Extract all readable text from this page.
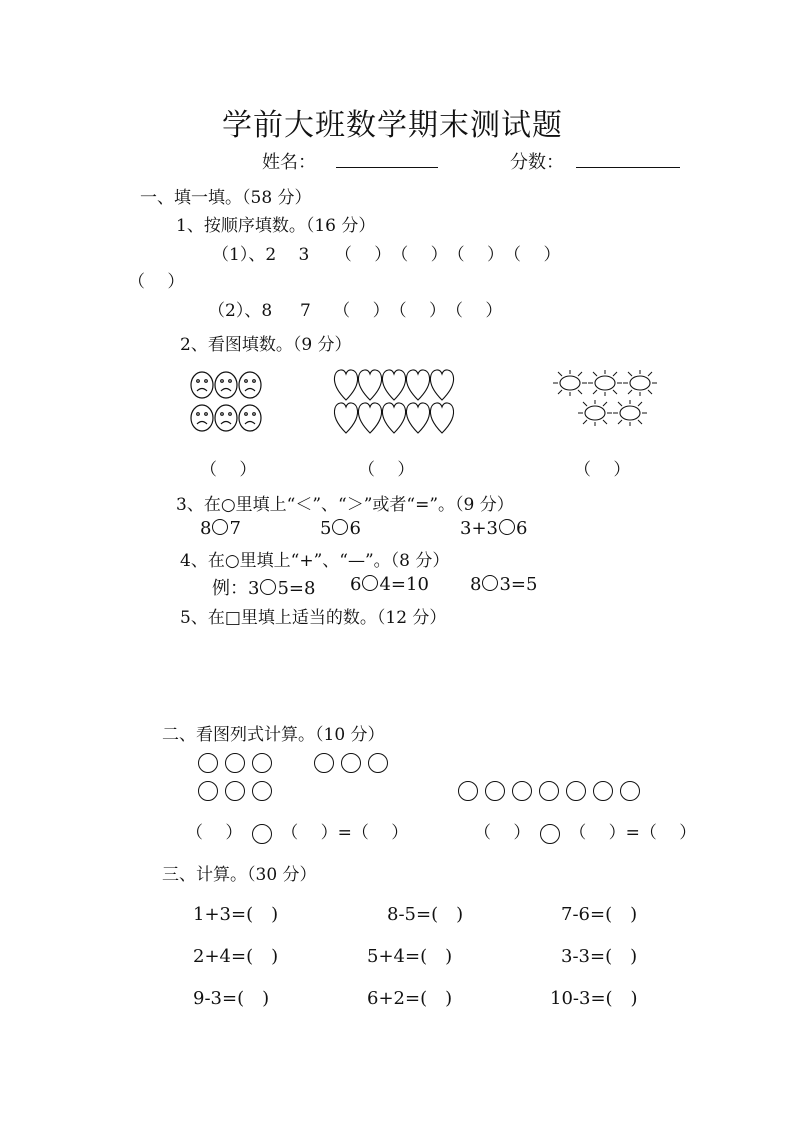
学前大班数学期末测试题
姓名：	分数：
一、填一填。（58 分）
1、按顺序填数。（16 分）
（1）、2　 3　　（　 ）　（　 ）　（　 ）　（　 ）
（　 ）
（2）、8 　 7　 （　 ）　（　 ）　（　 ）
2、看图填数。（9 分）
（　 ）	（　 ）	（　 ）
3、在○里填上“＜”、“＞”或者“=”。（9 分）
8 7	5 6	3+3 6
4、在○里填上“+”、“—”。（8 分）
例：3 5=8 6 4=10 8 3=5
5、在□里填上适当的数。（12 分）
二、看图列式计算。（10 分）
（　 ） （　 ）=（　 ）	（　 ） （　 ）=（　 ）
三、计算。（30 分）
1+3=(　)	8-5=(　)	7-6=(　)
2+4=(　)	5+4=(　)	3-3=(　)
9-3=(　)	6+2=(　)	10-3=(　)
